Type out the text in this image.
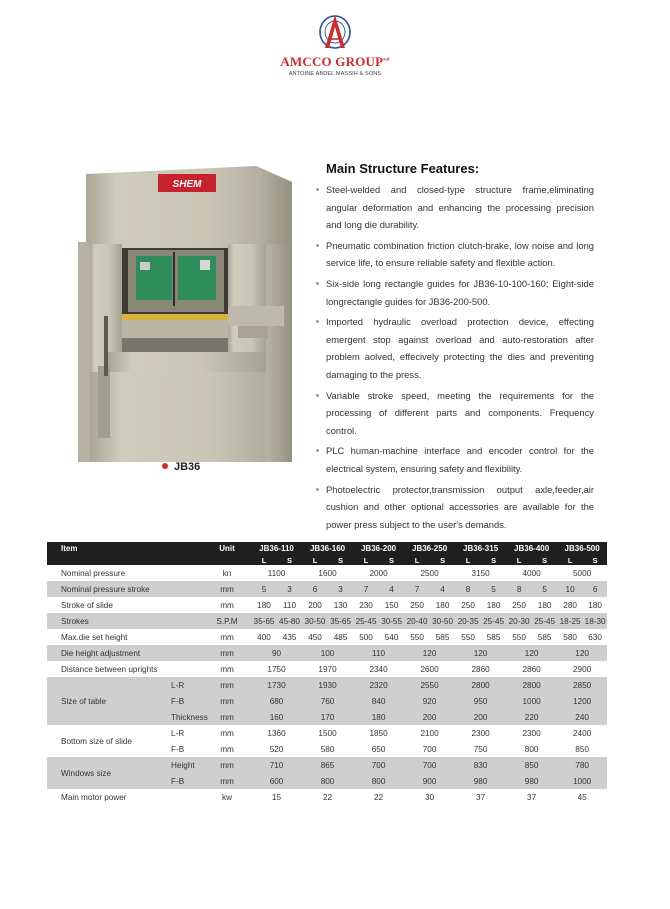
AMCCO $GROUP^{sal}$
ANTOINE ABDEL MASSIH & SONS
SHEM
JB36
Main Structure Features:
Steel-welded and closed-type structure frame,eliminating angular deformation and enhancing the processing precision and long die durability.
Pneumatic combination friction clutch-brake, low noise and long service life, to ensure reliable safety and flexible action.
Six-side long rectangle guides for JB36-10-100-160; Eight-side longrectangle guides for JB36-200-500.
Imported hydraulic overload protection device, effecting emergent stop against overload and auto-restoration after problem aolved, effecively protecting the dies and preventing damaging to the press.
Variable stroke speed, meeting the requirements for the processing of different parts and components. Frequency control.
PLC human-machine interface and encoder control for the electrical system, ensuring safety and flexibility.
Photoelectric protector,transmission output axle,feeder,air cushion and other optional accessories are available for the power press subject to the user's demands.
Item		Unit	JB36-110		JB36-160		JB36-200		JB36-250		JB36-315		JB36-400		JB36-500	
			L	S	L	S	L	S	L	S	L	S	L	S	L	S
Nominal pressure		kn	1100		1600		2000		2500		3150		4000		5000	
Nominal pressure stroke		mm	5	3	6	3	7	4	7	4	8	5	8	5	10	6
Stroke of slide		mm	180	110	200	130	230	150	250	180	250	180	250	180	280	180
Strokes		S.P.M	35-65	45-80	30-50	35-65	25-45	30-55	20-40	30-50	20-35	25-45	20-30	25-45	18-25	18-30
Max.die set height		mm	400	435	450	485	500	540	550	585	550	585	550	585	580	630
Die height adjustment		mm	90		100		110		120		120		120		120	
Distance between uprights		mm	1750		1970		2340		2600		2860		2860		2900	
Size of table	L-R	mm	1730		1930		2320		2550		2800		2800		2850	
	F-B	mm	680		760		840		920		950		1000		1200	
	Thickness	mm	160		170		180		200		200		220		240	
Bottom size of slide	L-R	mm	1360		1500		1850		2100		2300		2300		2400	
	F-B	mm	520		580		650		700		750		800		850	
Windows size	Height	mm	710		865		700		700		830		850		780	
	F-B	mm	600		800		800		900		980		980		1000	
Main motor power		kw	15		22		22		30		37		37		45	
